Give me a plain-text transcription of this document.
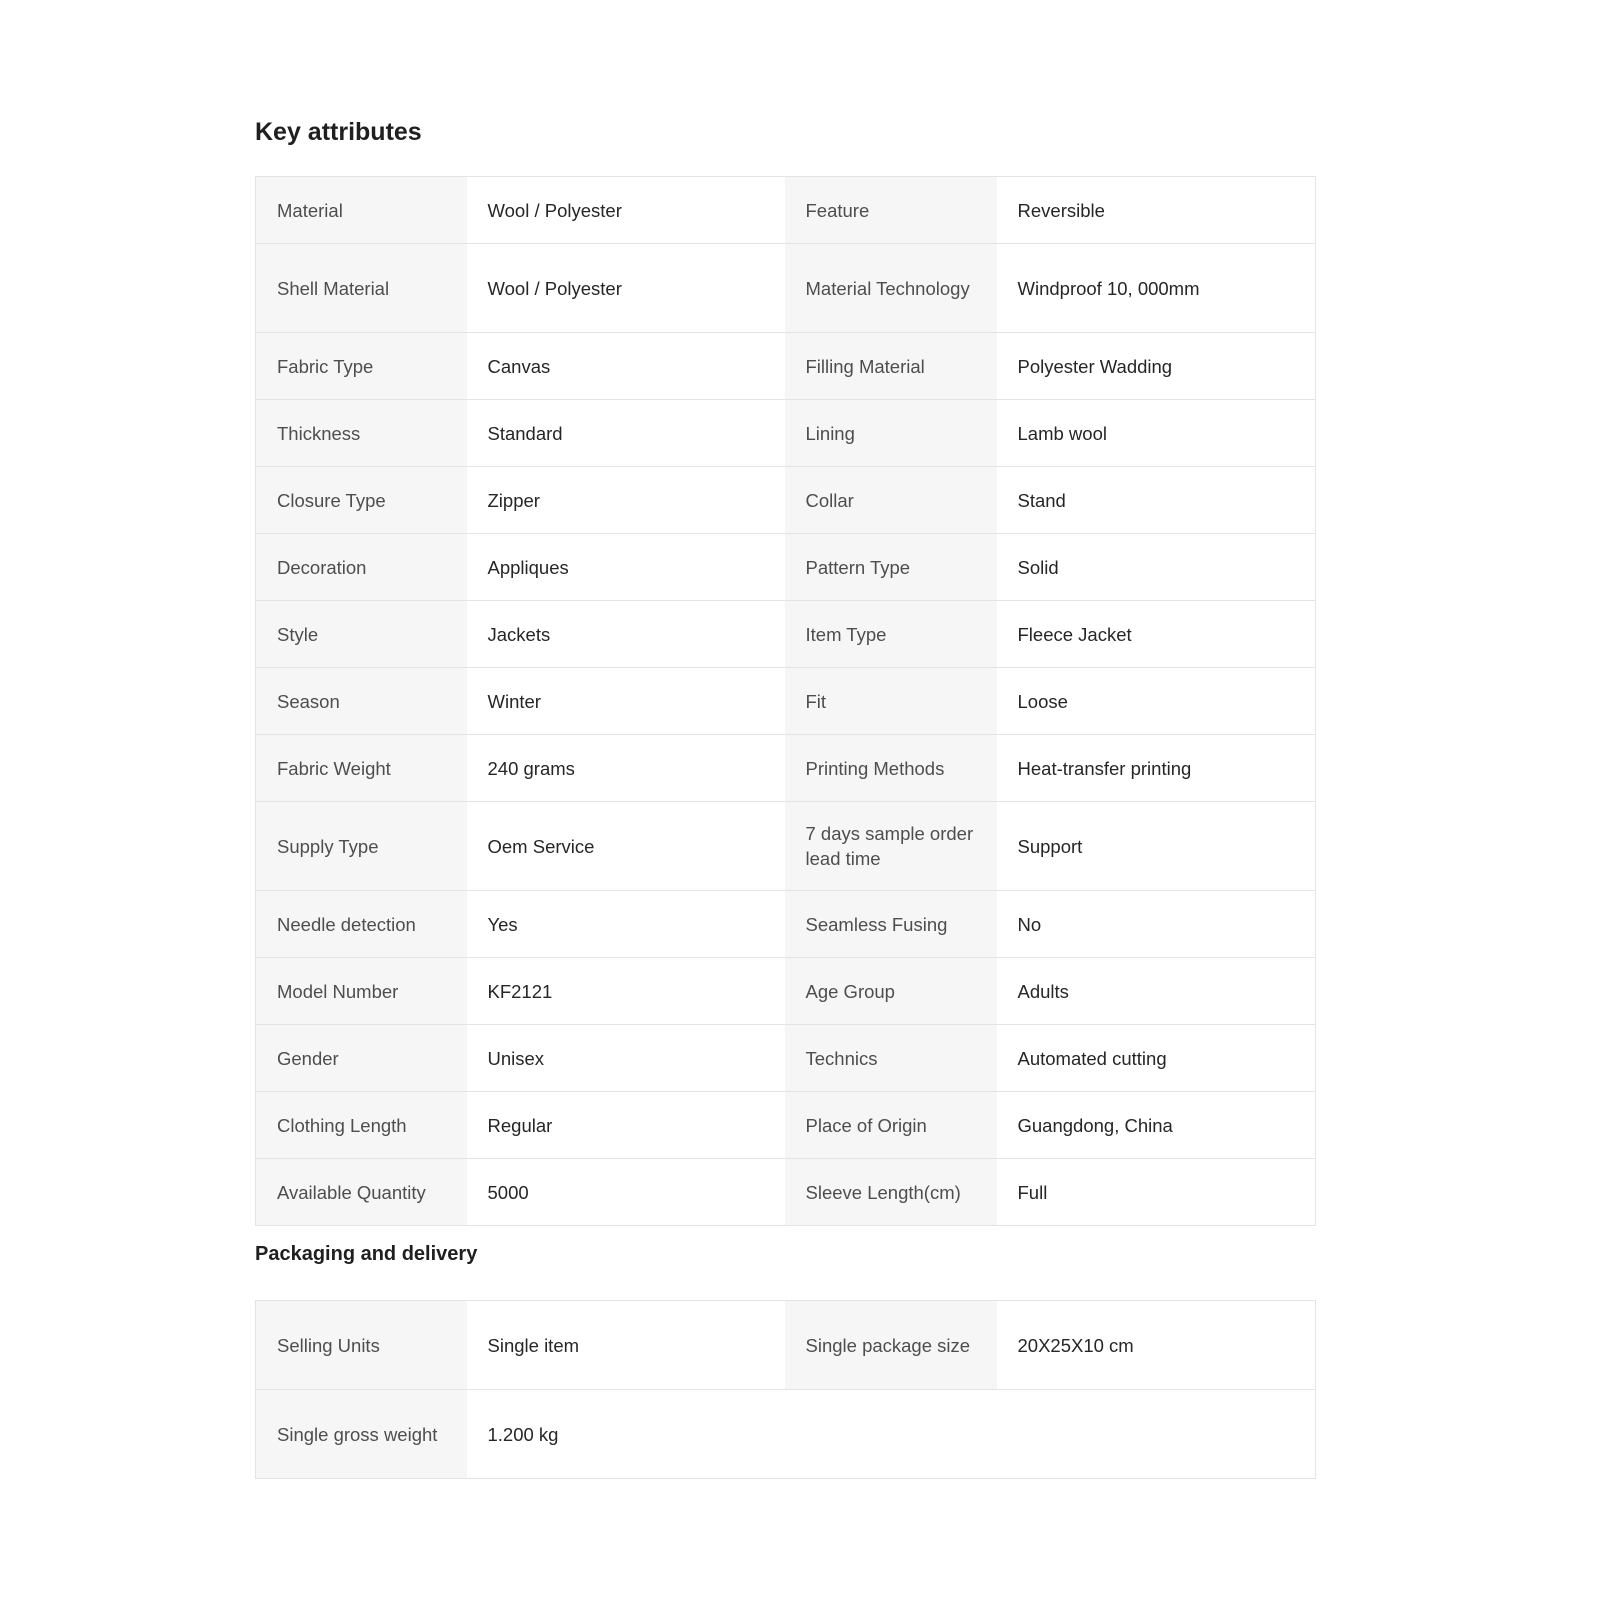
Key attributes
Material	Wool / Polyester	Feature	Reversible
Shell Material	Wool / Polyester	Material Technology	Windproof 10, 000mm
Fabric Type	Canvas	Filling Material	Polyester Wadding
Thickness	Standard	Lining	Lamb wool
Closure Type	Zipper	Collar	Stand
Decoration	Appliques	Pattern Type	Solid
Style	Jackets	Item Type	Fleece Jacket
Season	Winter	Fit	Loose
Fabric Weight	240 grams	Printing Methods	Heat-transfer printing
Supply Type	Oem Service	7 days sample order lead time	Support
Needle detection	Yes	Seamless Fusing	No
Model Number	KF2121	Age Group	Adults
Gender	Unisex	Technics	Automated cutting
Clothing Length	Regular	Place of Origin	Guangdong, China
Available Quantity	5000	Sleeve Length(cm)	Full
Packaging and delivery
Selling Units	Single item	Single package size	20X25X10 cm
Single gross weight	1.200 kg		
